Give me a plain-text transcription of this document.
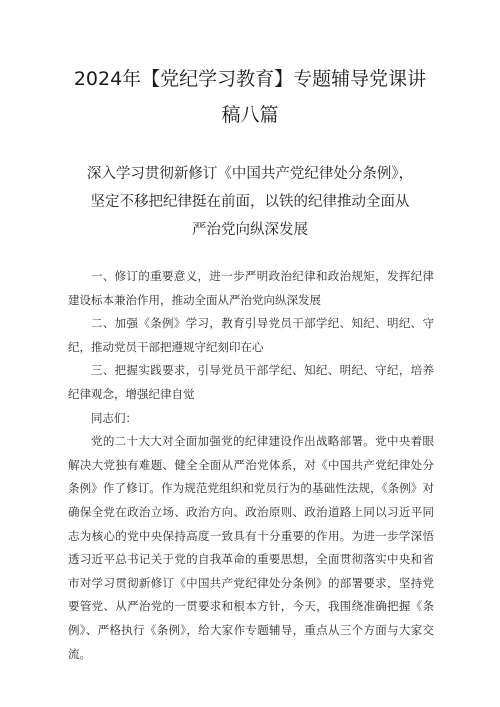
2024年【党纪学习教育】专题辅导党课讲
稿八篇
深入学习贯彻新修订《中国共产党纪律处分条例》，
坚定不移把纪律挺在前面，以铁的纪律推动全面从
严治党向纵深发展

一、修订的重要意义，进一步严明政治纪律和政治规矩，发挥纪律建设标本兼治作用，推动全面从严治党向纵深发展

二、加强《条例》学习，教育引导党员干部学纪、知纪、明纪、守纪，推动党员干部把遵规守纪刻印在心

三、把握实践要求，引导党员干部学纪、知纪、明纪、守纪，培养纪律观念，增强纪律自觉

同志们：

党的二十大大对全面加强党的纪律建设作出战略部署。党中央着眼解决大党独有难题、健全全面从严治党体系，对《中国共产党纪律处分条例》作了修订。作为规范党组织和党员行为的基础性法规，《条例》对确保全党在政治立场、政治方向、政治原则、政治道路上同以习近平同志为核心的党中央保持高度一致具有十分重要的作用。为进一步学深悟透习近平总书记关于党的自我革命的重要思想，全面贯彻落实中央和省市对学习贯彻新修订《中国共产党纪律处分条例》的部署要求，坚持党要管党、从严治党的一贯要求和根本方针，今天，我围绕准确把握《条例》、严格执行《条例》，给大家作专题辅导，重点从三个方面与大家交流。
